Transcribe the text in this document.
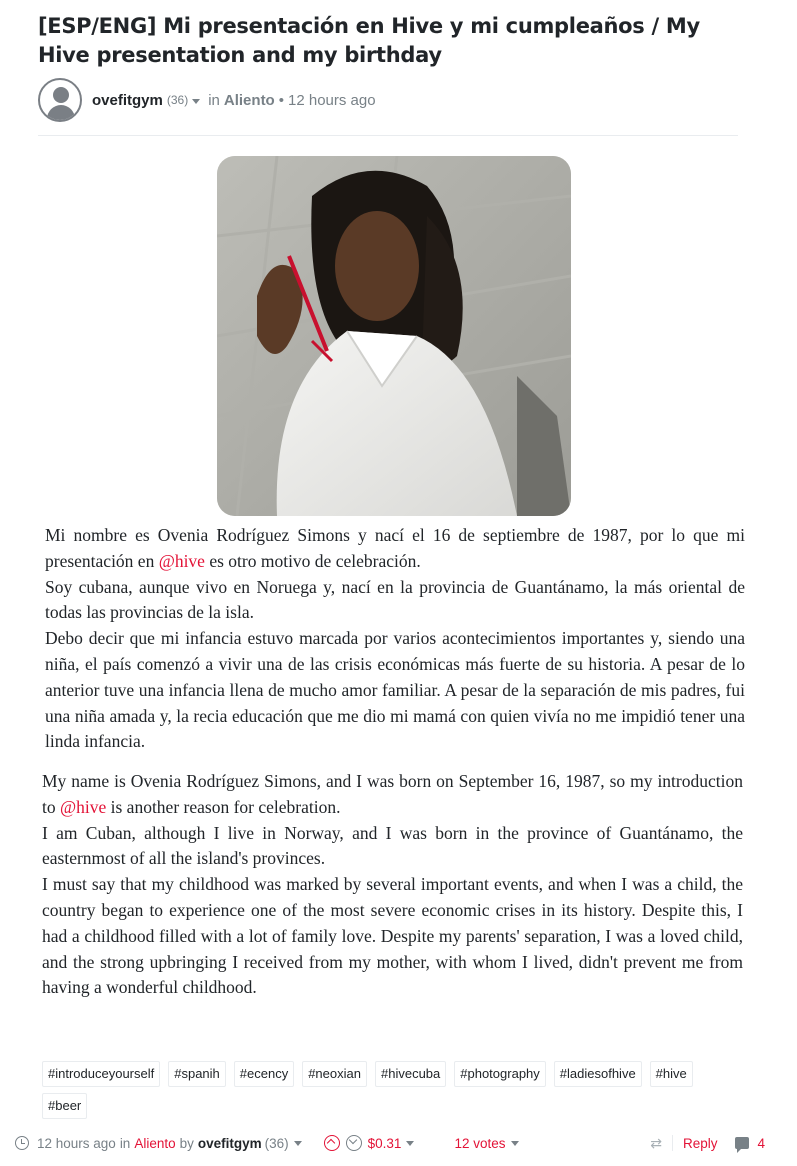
[ESP/ENG] Mi presentación en Hive y mi cumpleaños / My Hive presentation and my birthday
ovefitgym (36) in Aliento • 12 hours ago

Mi nombre es Ovenia Rodríguez Simons y nací el 16 de septiembre de 1987, por lo que mi presentación en @hive es otro motivo de celebración.

Soy cubana, aunque vivo en Noruega y, nací en la provincia de Guantánamo, la más oriental de todas las provincias de la isla.

Debo decir que mi infancia estuvo marcada por varios acontecimientos importantes y, siendo una niña, el país comenzó a vivir una de las crisis económicas más fuerte de su historia. A pesar de lo anterior tuve una infancia llena de mucho amor familiar. A pesar de la separación de mis padres, fui una niña amada y, la recia educación que me dio mi mamá con quien vivía no me impidió tener una linda infancia.

My name is Ovenia Rodríguez Simons, and I was born on September 16, 1987, so my introduction to @hive is another reason for celebration.

I am Cuban, although I live in Norway, and I was born in the province of Guantánamo, the easternmost of all the island's provinces.

I must say that my childhood was marked by several important events, and when I was a child, the country began to experience one of the most severe economic crises in its history. Despite this, I had a childhood filled with a lot of family love. Despite my parents' separation, I was a loved child, and the strong upbringing I received from my mother, with whom I lived, didn't prevent me from having a wonderful childhood.

#introduceyourself	#spanih	#ecency	#neoxian	#hivecuba	#photography	#ladiesofhive	#hive
#beer
12 hours ago in Aliento by ovefitgym (36)	$0.31	12 votes	⇄ Reply	4
